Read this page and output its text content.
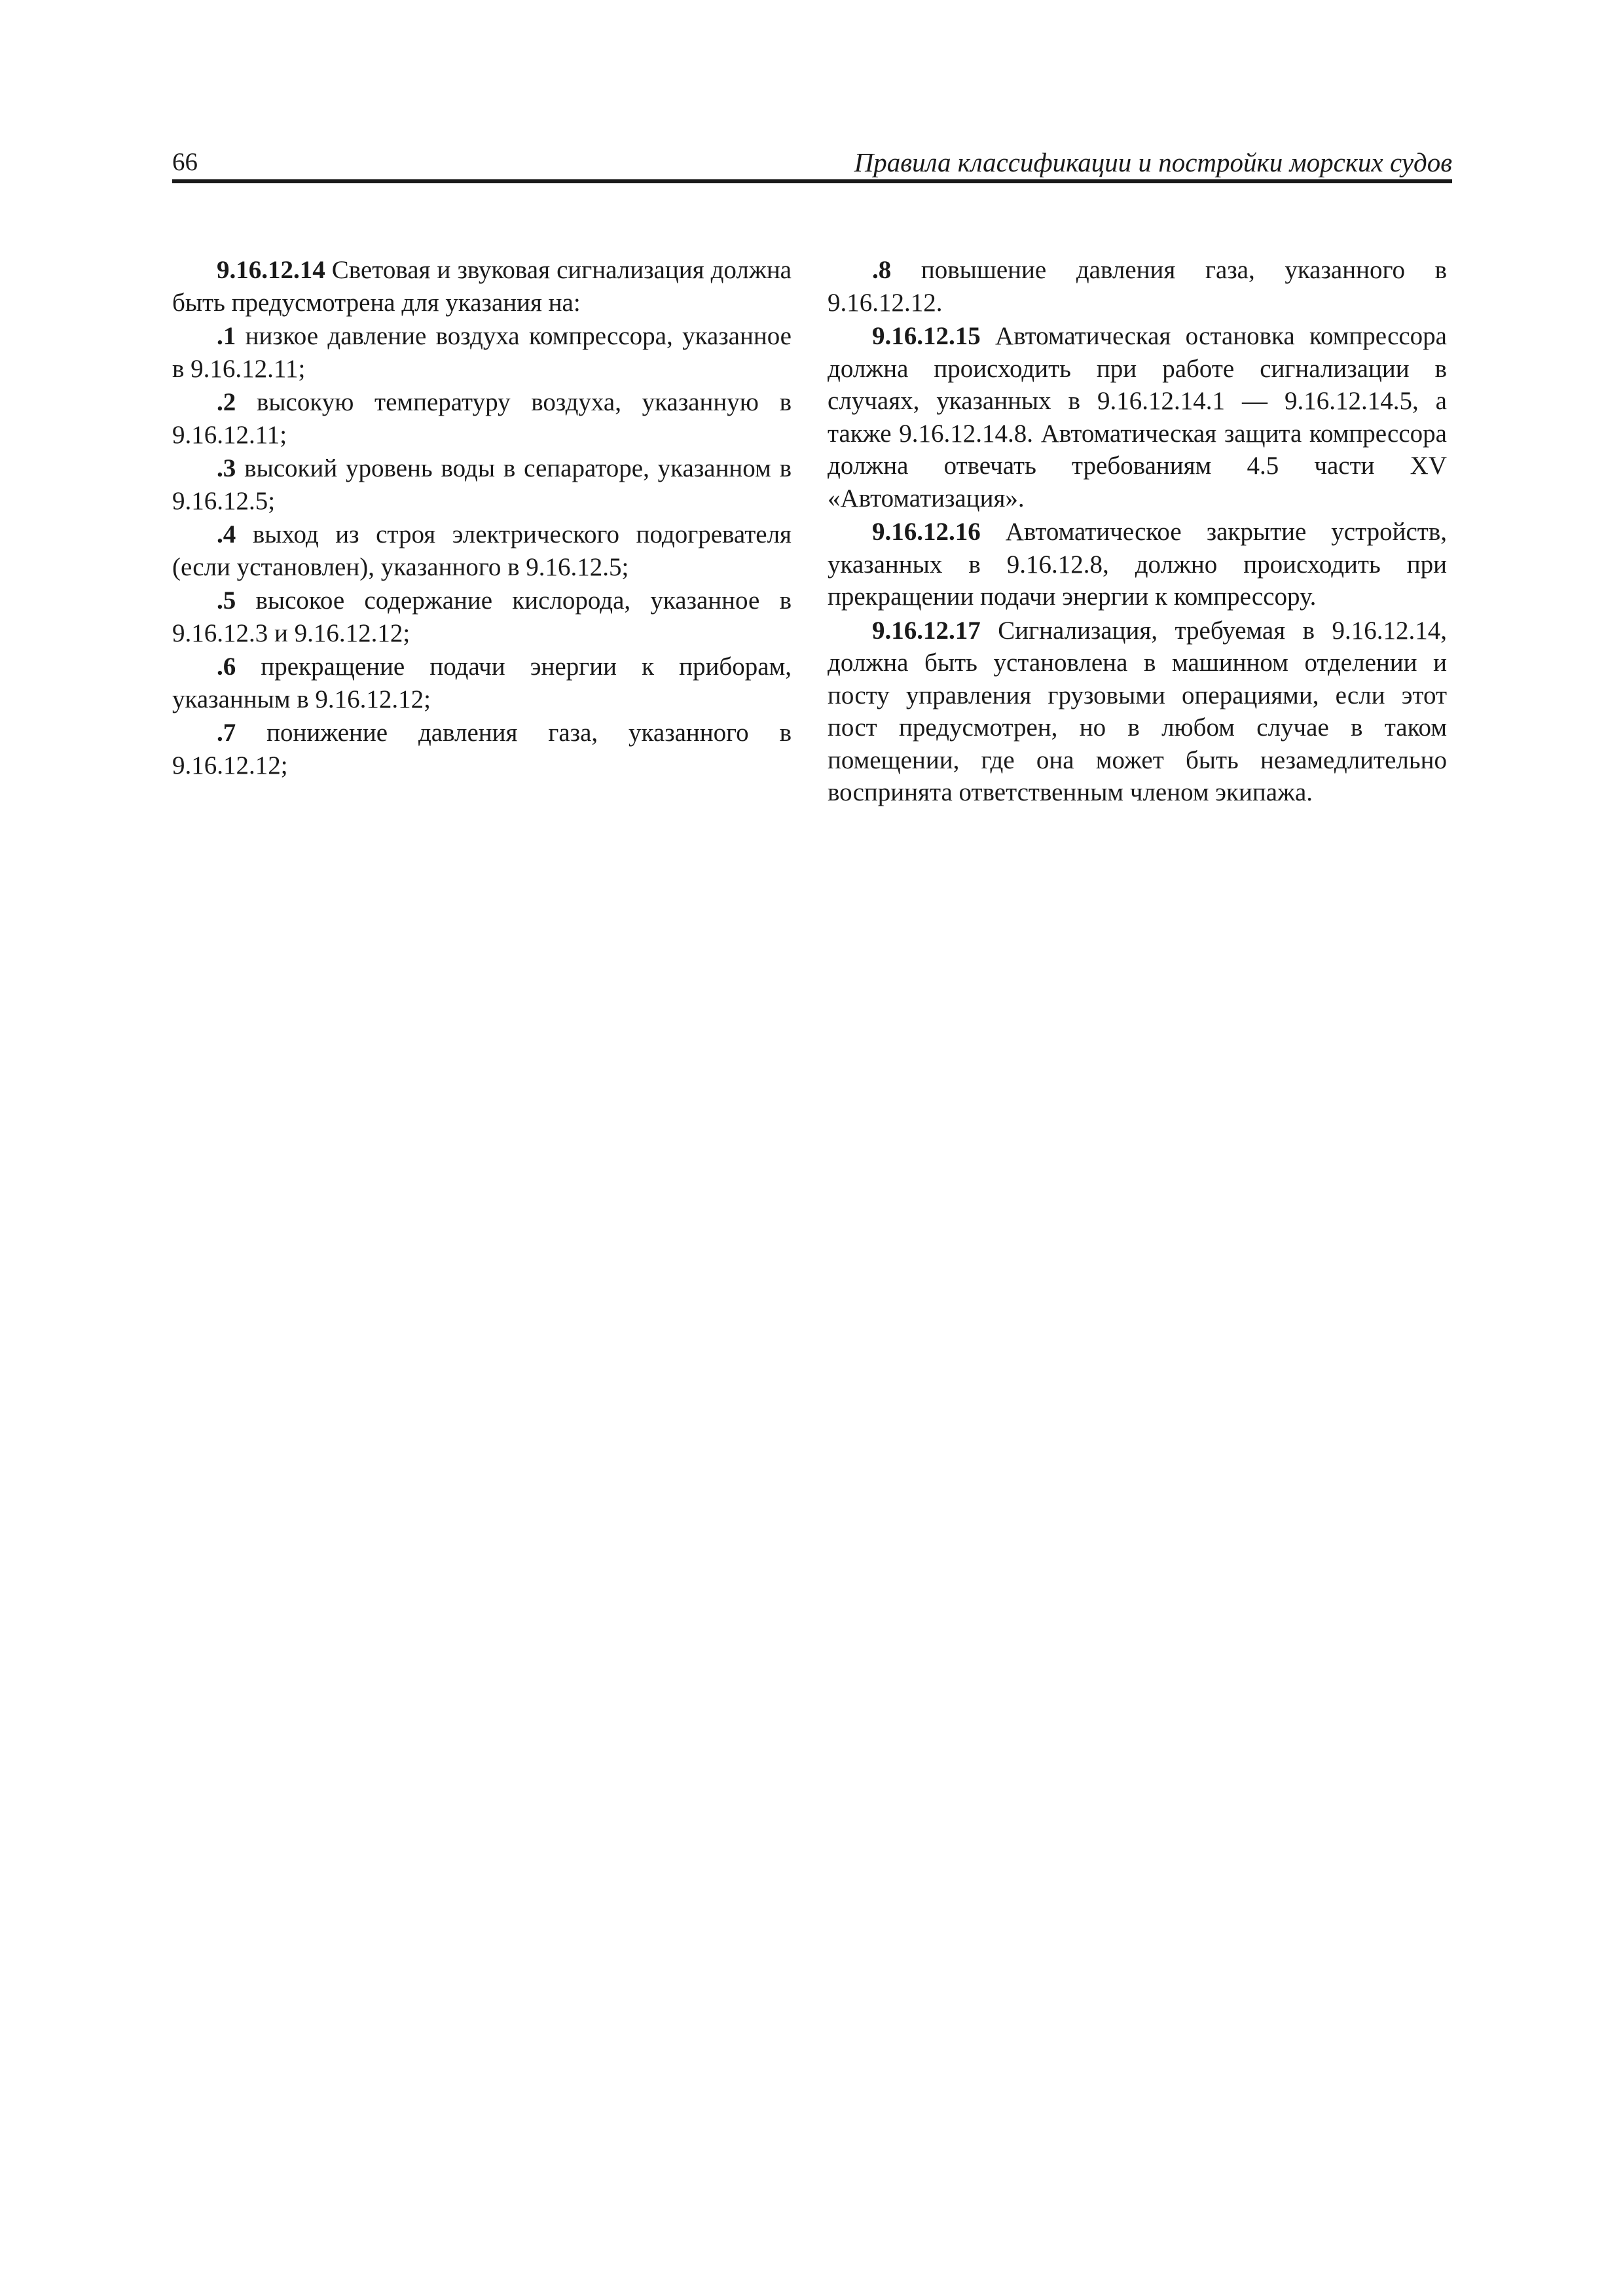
66	Правила классификации и постройки морских судов

9.16.12.14 Световая и звуковая сигнализация должна быть предусмотрена для указания на:

.1 низкое давление воздуха компрессора, указанное в 9.16.12.11;

.2 высокую температуру воздуха, указанную в 9.16.12.11;

.3 высокий уровень воды в сепараторе, указанном в 9.16.12.5;

.4 выход из строя электрического подогревателя (если установлен), указанного в 9.16.12.5;

.5 высокое содержание кислорода, указанное в 9.16.12.3 и 9.16.12.12;

.6 прекращение подачи энергии к приборам, указанным в 9.16.12.12;

.7 понижение давления газа, указанного в 9.16.12.12;

.8 повышение давления газа, указанного в 9.16.12.12.

9.16.12.15 Автоматическая остановка компрессора должна происходить при работе сигнализации в случаях, указанных в 9.16.12.14.1 — 9.16.12.14.5, а также 9.16.12.14.8. Автоматическая защита компрессора должна отвечать требованиям 4.5 части XV «Автоматизация».

9.16.12.16 Автоматическое закрытие устройств, указанных в 9.16.12.8, должно происходить при прекращении подачи энергии к компрессору.

9.16.12.17 Сигнализация, требуемая в 9.16.12.14, должна быть установлена в машинном отделении и посту управления грузовыми операциями, если этот пост предусмотрен, но в любом случае в таком помещении, где она может быть незамедлительно воспринята ответственным членом экипажа.
